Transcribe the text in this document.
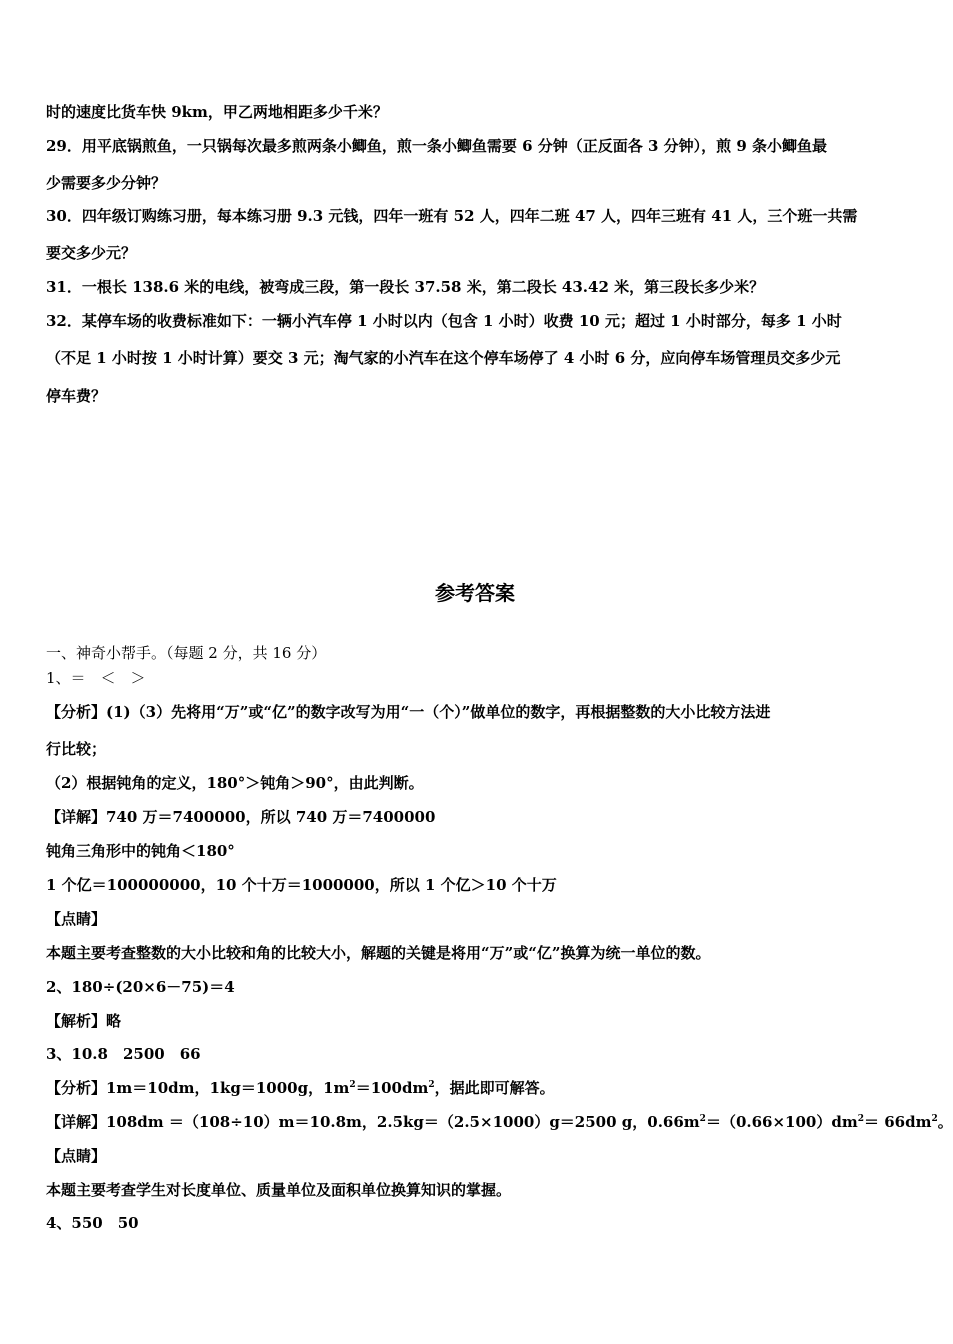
时的速度比货车快 9km，甲乙两地相距多少千米？
29．用平底锅煎鱼，一只锅每次最多煎两条小鲫鱼，煎一条小鲫鱼需要 6 分钟（正反面各 3 分钟），煎 9 条小鲫鱼最
少需要多少分钟？
30．四年级订购练习册，每本练习册 9.3 元钱，四年一班有 52 人，四年二班 47 人，四年三班有 41 人，三个班一共需
要交多少元？
31．一根长 138.6 米的电线，被弯成三段，第一段长 37.58 米，第二段长 43.42 米，第三段长多少米？
32．某停车场的收费标准如下：一辆小汽车停 1 小时以内（包含 1 小时）收费 10 元；超过 1 小时部分，每多 1 小时
（不足 1 小时按 1 小时计算）要交 3 元；淘气家的小汽车在这个停车场停了 4 小时 6 分，应向停车场管理员交多少元
停车费？
参考答案
一、神奇小帮手。（每题 2 分，共 16 分）
1、＝　＜　＞
【分析】(1)（3）先将用“万”或“亿”的数字改写为用“一（个）”做单位的数字，再根据整数的大小比较方法进
行比较；
（2）根据钝角的定义，180°＞钝角＞90°，由此判断。
【详解】740 万＝7400000，所以 740 万＝7400000
钝角三角形中的钝角＜180°
1 个亿＝100000000，10 个十万＝1000000，所以 1 个亿＞10 个十万
【点睛】
本题主要考查整数的大小比较和角的比较大小，解题的关键是将用“万”或“亿”换算为统一单位的数。
2、180÷(20×6－75)＝4
【解析】略
3、10.8　2500　66
【分析】1m＝10dm，1kg＝1000g，$1m^2=100dm^2$，据此即可解答。
【详解】108dm ＝（108÷10）m＝10.8m，2.5kg＝（2.5×1000）g＝2500 g，$0.66m^2=(0.66\times 100)dm^2= 66dm^2$。
【点睛】
本题主要考查学生对长度单位、质量单位及面积单位换算知识的掌握。
4、550　50
